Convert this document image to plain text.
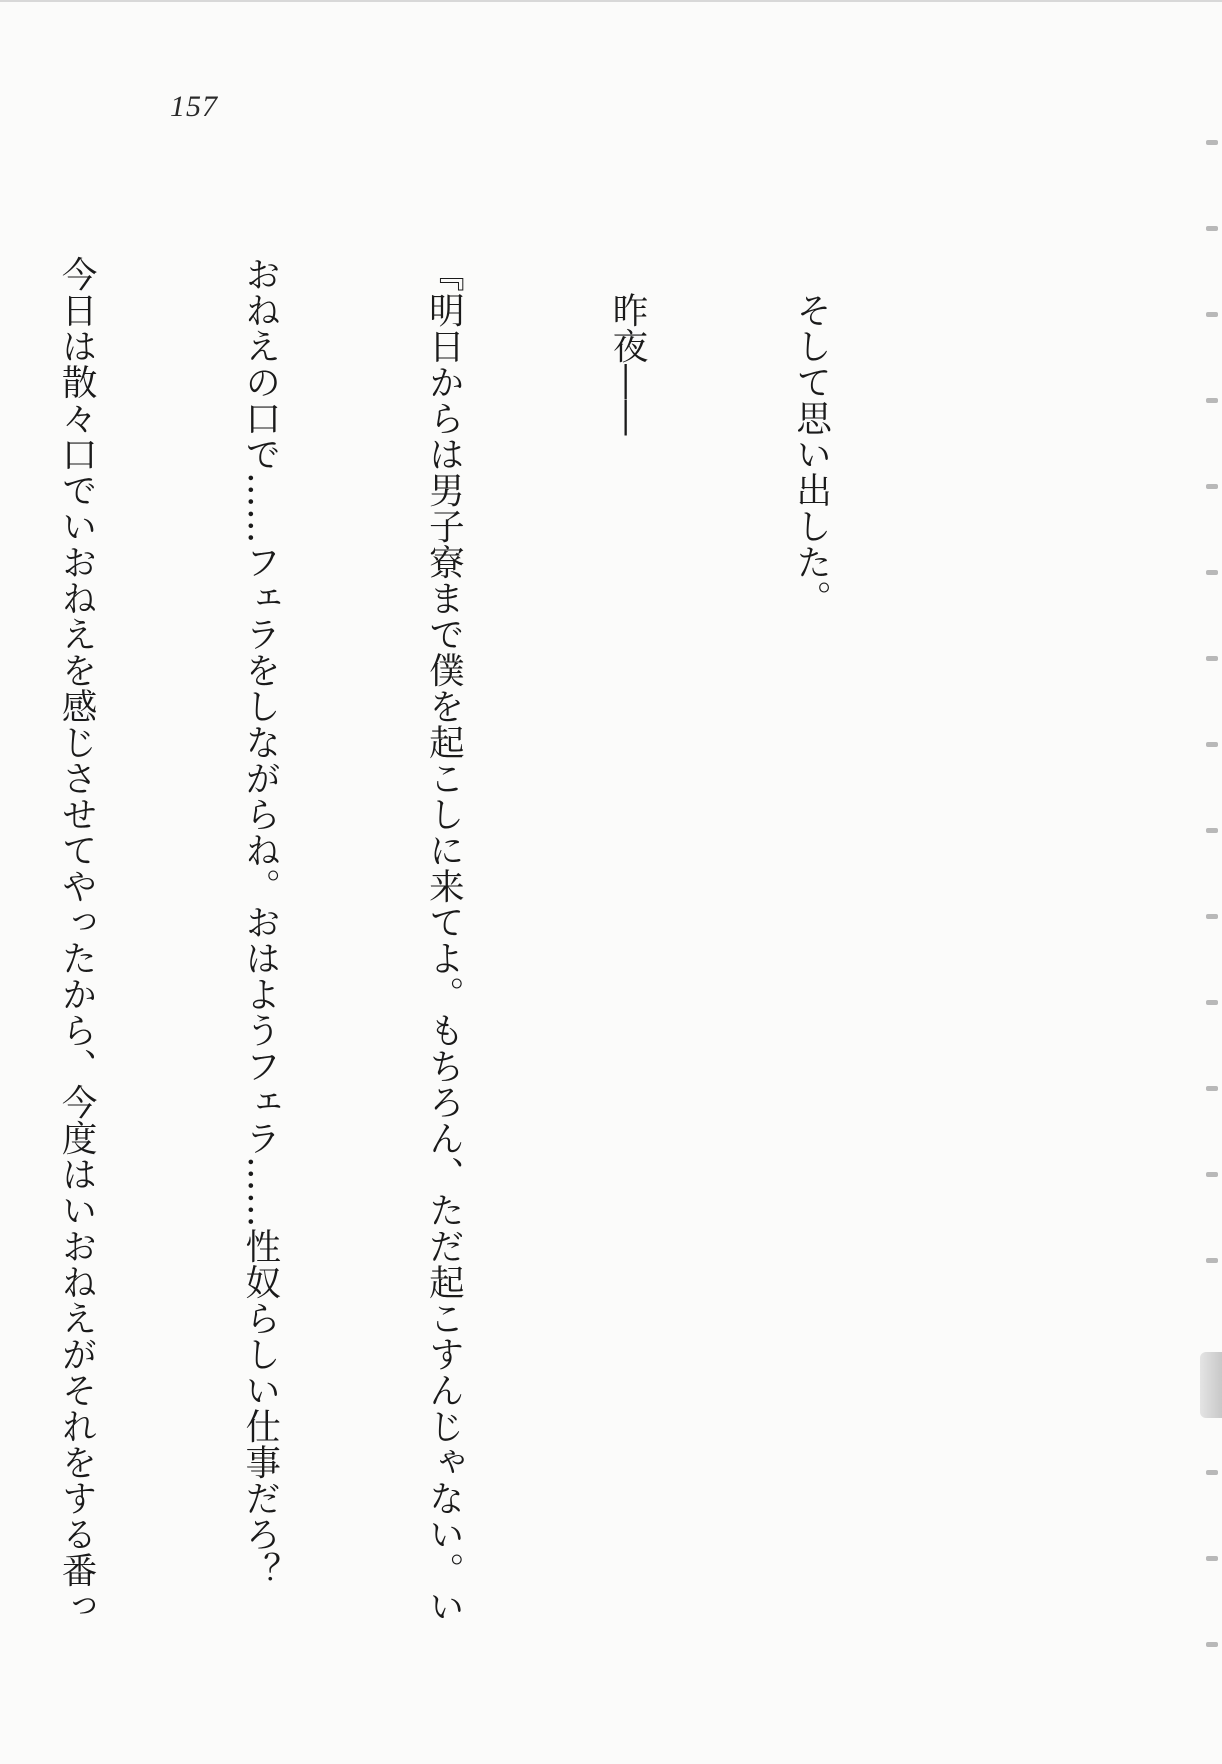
157

　そして思い出した。

　昨夜――

『明日からは男子寮まで僕を起こしに来てよ。もちろん、ただ起こすんじゃない。い

おねえの口で……フェラをしながらね。おはようフェラ……性奴らしい仕事だろ？

今日は散々口でいおねえを感じさせてやったから、今度はいおねえがそれをする番っ
